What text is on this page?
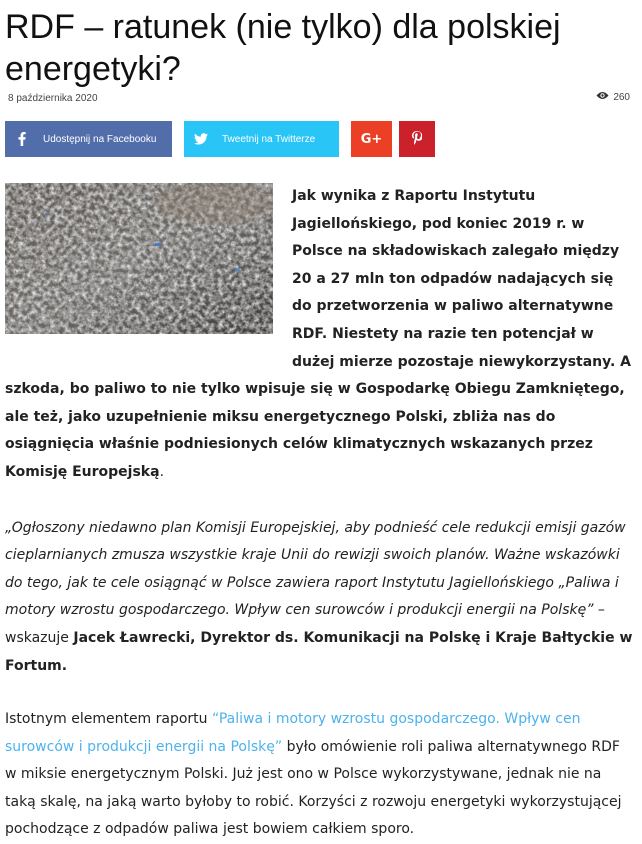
RDF – ratunek (nie tylko) dla polskiej energetyki?
8 października 2020	260
Udostępnij na Facebooku	Tweetnij na Twitterze	G+

Jak wynika z Raportu Instytutu Jagiellońskiego, pod koniec 2019 r. w Polsce na składowiskach zalegało między 20 a 27 mln ton odpadów nadających się do przetworzenia w paliwo alternatywne RDF. Niestety na razie ten potencjał w dużej mierze pozostaje niewykorzystany. A szkoda, bo paliwo to nie tylko wpisuje się w Gospodarkę Obiegu Zamkniętego, ale też, jako uzupełnienie miksu energetycznego Polski, zbliża nas do osiągnięcia właśnie podniesionych celów klimatycznych wskazanych przez Komisję Europejską.

„Ogłoszony niedawno plan Komisji Europejskiej, aby podnieść cele redukcji emisji gazów cieplarnianych zmusza wszystkie kraje Unii do rewizji swoich planów. Ważne wskazówki do tego, jak te cele osiągnąć w Polsce zawiera raport Instytutu Jagiellońskiego „Paliwa i motory wzrostu gospodarczego. Wpływ cen surowców i produkcji energii na Polskę” – wskazuje Jacek Ławrecki, Dyrektor ds. Komunikacji na Polskę i Kraje Bałtyckie w Fortum.

Istotnym elementem raportu “Paliwa i motory wzrostu gospodarczego. Wpływ cen surowców i produkcji energii na Polskę” było omówienie roli paliwa alternatywnego RDF w miksie energetycznym Polski. Już jest ono w Polsce wykorzystywane, jednak nie na taką skalę, na jaką warto byłoby to robić. Korzyści z rozwoju energetyki wykorzystującej pochodzące z odpadów paliwa jest bowiem całkiem sporo.
